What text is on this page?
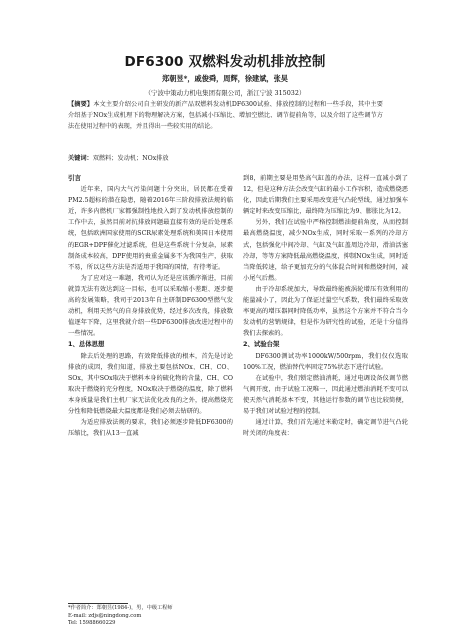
DF6300 双燃料发动机排放控制
郑朝昱*，戚俊舜，周辉，徐建斌，张昊
（宁波中策动力机电集团有限公司，浙江宁波 315032）
【摘要】本文主要介绍公司自主研发的新产品双燃料发动机DF6300试验、排放控制的过程和一些手段，其中主要介绍基于NOx生成机理下的物理解决方案，包括减小压缩比、增加空燃比、调节提前角等，以及介绍了这些调节方法在使用过程中的表现，并且得出一些较实用的结论。
关键词：双燃料；发动机；NOx排放
引言

近年来，国内大气污染问题十分突出，居民都在受着PM2.5超标的潜在隐患，随着2016年三阶段排放法规的临近，许多内燃机厂家都强制性地投入到了发动机排放控制的工作中去，虽然目前对抗排放问题最直接有效的是后处理系统，包括欧洲国家使用的SCR尿素处理系统和美国日本使用的EGR+DPF催化过滤系统，但是这些系统十分复杂，尿素制备成本较高，DPF使用的贵重金属多不为我国生产，获取不易，所以这些方法是否适用于我国的国情，有待考证。

为了应对这一难题，我司认为还是应该循序渐进，目前就算无法有效达到这一目标，也可以采取缩小差距、逐步提高的发展策略，我司于2013年自主研制DF6300型燃气发动机，利用天然气的自身排放优势，经过多次改良，排放数值逐年下降，这里我就介绍一些DF6300排放改进过程中的一些情况。

1、总体思想

除去后处理的思路，有效降低排放的根本，首先是讨论排放的成因，我们知道，排放主要包括NOx、CH、CO、SOx，其中SOx取决于燃料本身的硫化物的含量，CH、CO取决于燃烧的充分程度，NOx取决于燃烧的温度，除了燃料本身质量是我们主机厂家无法优化改良的之外，提高燃烧充分性和降低燃烧最大温度都是我们必须去钻研的。

为适应排放法规的要求，我们必须逐步降低DF6300的压缩比，我们从13一直减

到8，前期主要是用垫高气缸盖的办法，这样一直减小到了12，但是这种方法会改变气缸的最小工作容积，造成燃烧恶化，因此后期我们主要采用改变进气凸轮型线，通过加强车辆定时来改变压缩比，最终降为压缩比为9、膨胀比为12。

另外，我们在试验中严格控制燃油提前角度，从而控制最高燃烧温度，减少NOx生成，同时采取一系列的冷却方式，包括强化中间冷却、气缸及气缸盖周边冷却，滑油活塞冷却，等等方案降低最高燃烧温度，抑制NOx生成，同时适当降低转速，给予更加充分的气体混合时间和燃烧时间，减小尾气后燃。

由于冷却系统加大，导致最终能被涡轮增压有效利用的能量减小了，因此为了保证过量空气系数，我们最终采取效率更高的增压器同时降低功率，虽然这个方案并不符合当今发动机的营销规律，但是作为研究性的试验，还是十分值得我们去探索的。

2、试验台架

DF6300测试功率1000kW/500rpm，我们仅仅选取100%工况，燃油替代率固定75%状态下进行试验。

在试验中，我们锁定燃油消耗，通过电调设备仪调节燃气阀开度，由于试验工况唯一，因此通过燃油消耗不变可以使天然气消耗基本不变，其他运行参数的调节也比较简便，易于我们对试验过程的控制。

通过计算，我们首先通过米勒定时，确定调节进气凸轮时关闭的角度表：

*作者简介：郑朝昱(1984-)，男，中级工程师
E-mail: zdjs@ningdong.com
Tel: 15988660229
